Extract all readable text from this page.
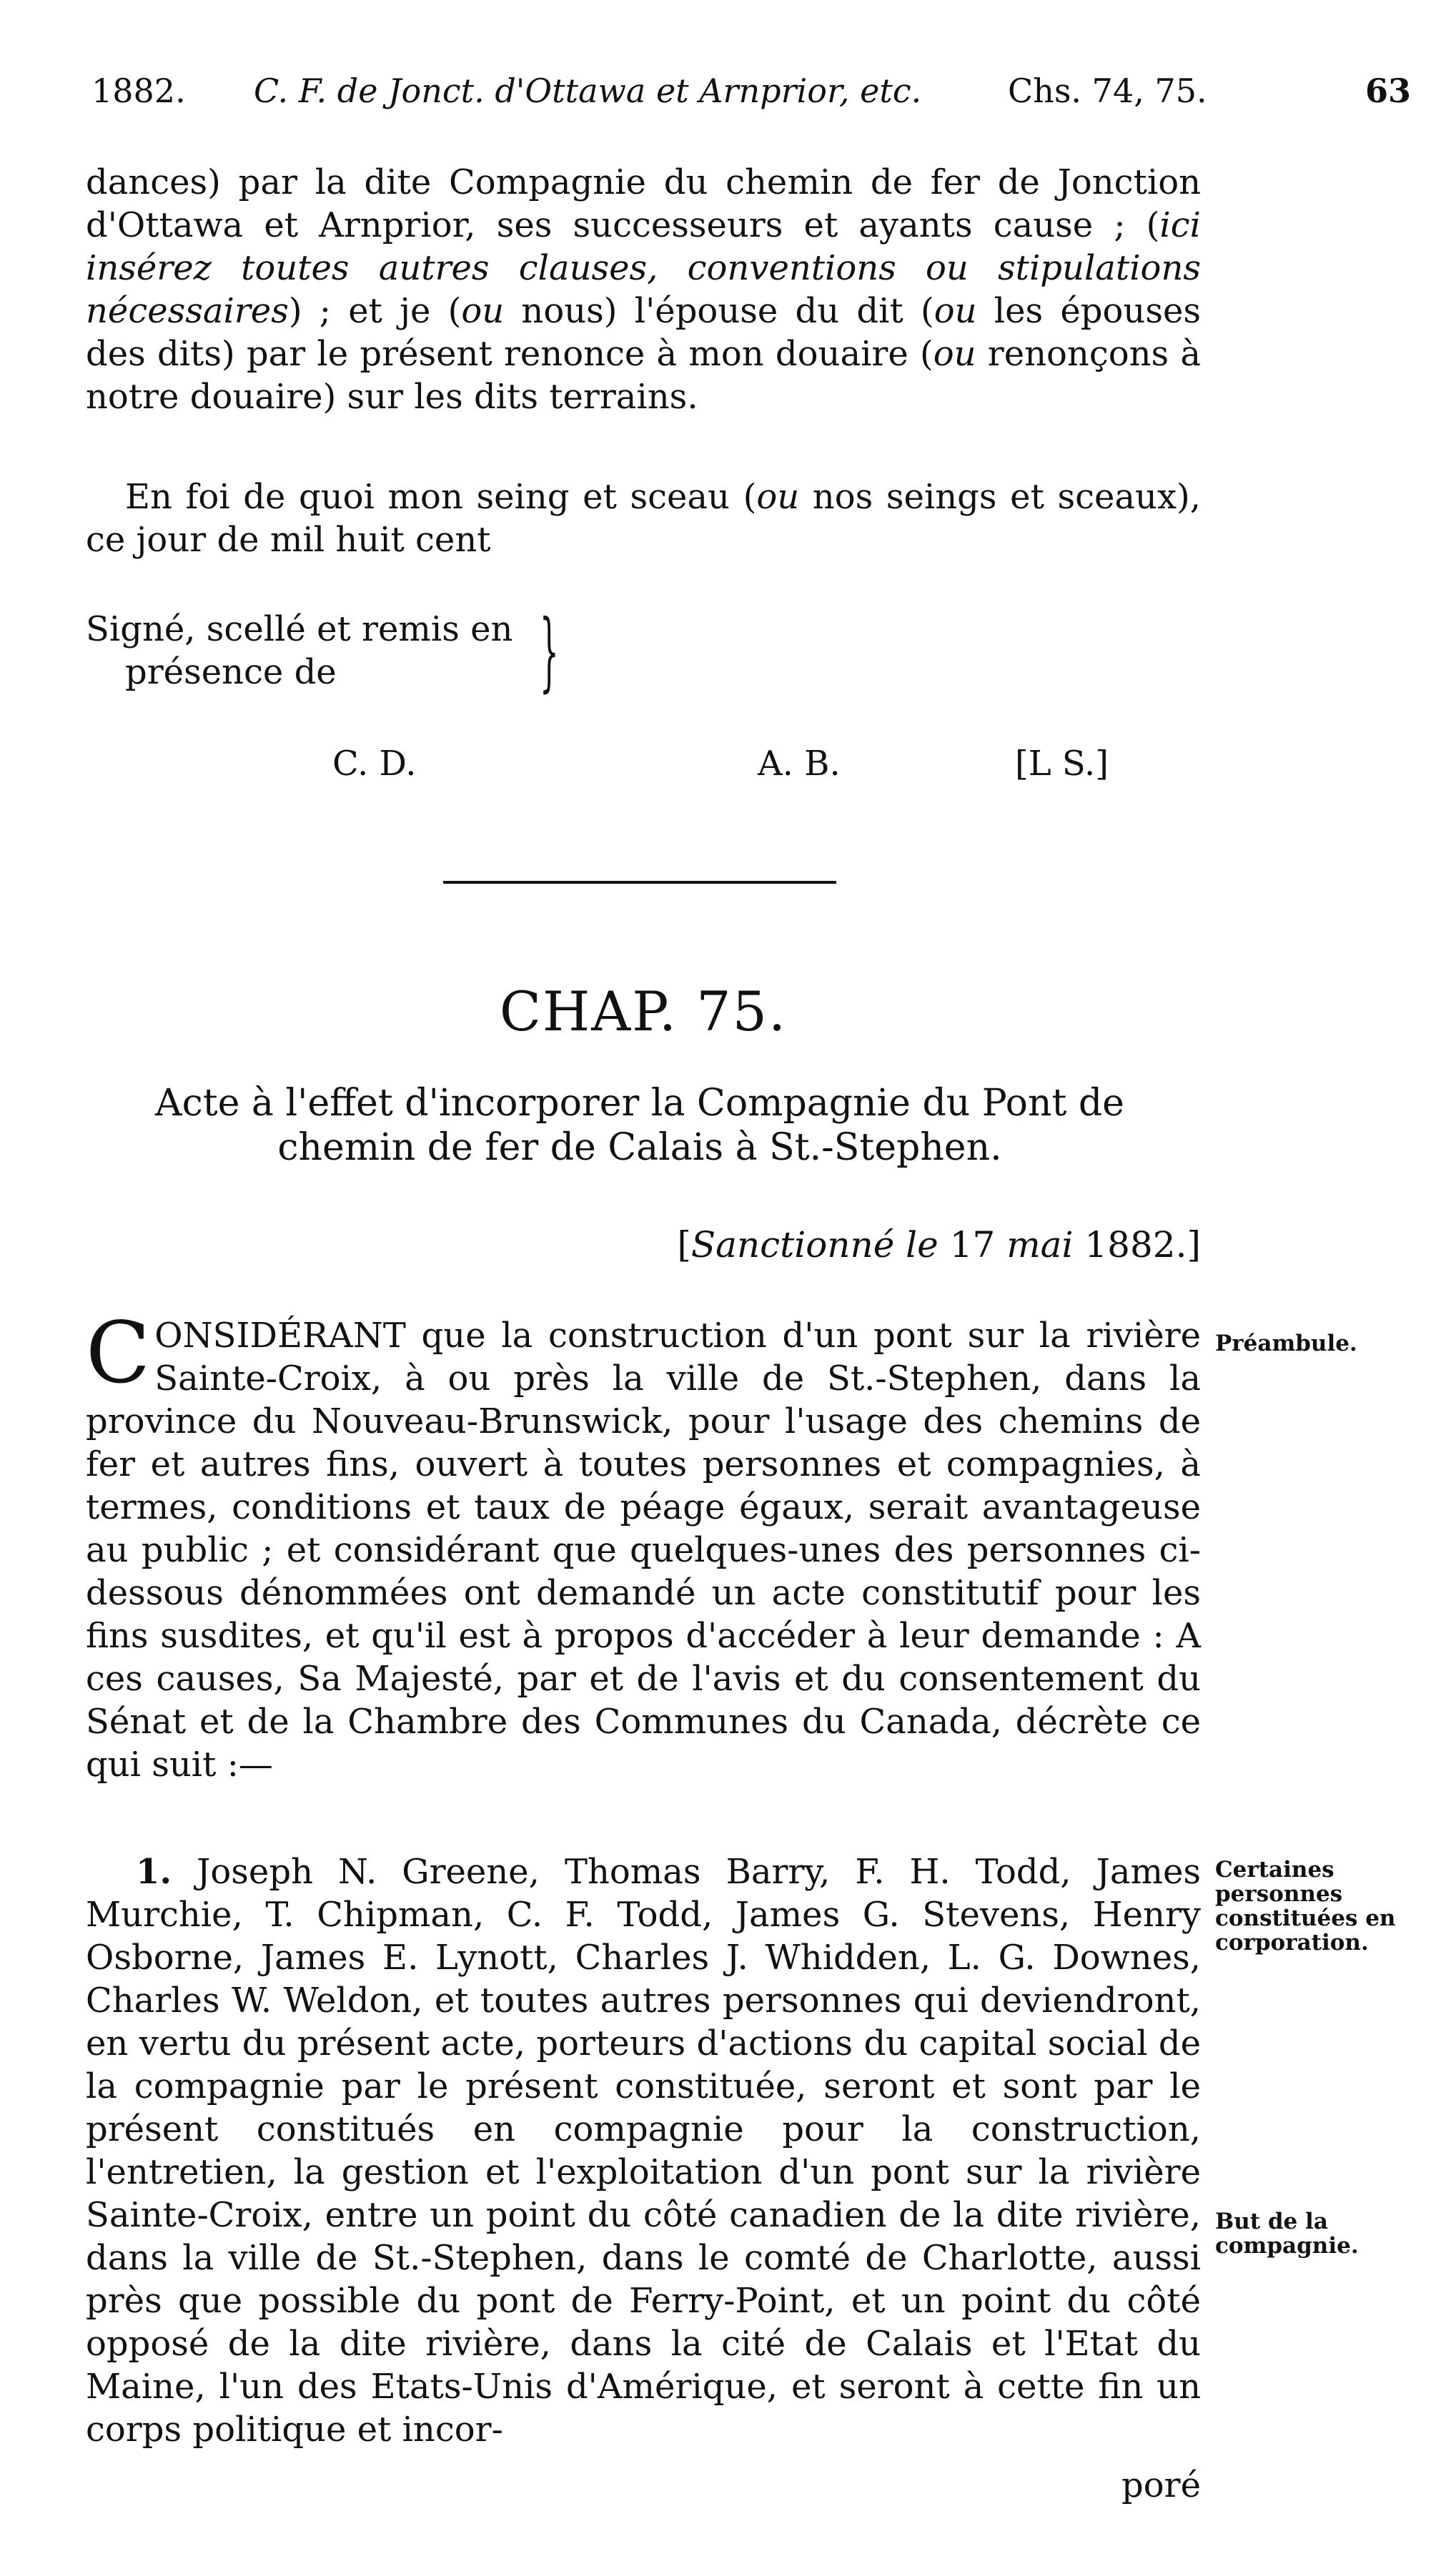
1882. C. F. de Jonct. d'Ottawa et Arnprior, etc.	Chs. 74, 75.	63
dances) par la dite Compagnie du chemin de fer de Jonction d'Ottawa et Arnprior, ses successeurs et ayants cause ; (ici insérez toutes autres clauses, conventions ou stipulations nécessaires) ; et je (ou nous) l'épouse du dit (ou les épouses des dits) par le présent renonce à mon douaire (ou renonçons à notre douaire) sur les dits terrains.
En foi de quoi mon seing et sceau (ou nos seings et sceaux), ce jour de mil huit cent
Signé, scellé et remis en
présence de	}
C. D.	A. B.	[L S.]
CHAP. 75.
Acte à l'effet d'incorporer la Compagnie du Pont de chemin de fer de Calais à St.-Stephen.
[Sanctionné le 17 mai 1882.]
CONSIDÉRANT que la construction d'un pont sur la rivière Sainte-Croix, à ou près la ville de St.-Stephen, dans la province du Nouveau-Brunswick, pour l'usage des chemins de fer et autres fins, ouvert à toutes personnes et compagnies, à termes, conditions et taux de péage égaux, serait avantageuse au public ; et considérant que quelques-unes des personnes ci-dessous dénommées ont demandé un acte constitutif pour les fins susdites, et qu'il est à propos d'accéder à leur demande : A ces causes, Sa Majesté, par et de l'avis et du consentement du Sénat et de la Chambre des Communes du Canada, décrète ce qui suit :—
1. Joseph N. Greene, Thomas Barry, F. H. Todd, James Murchie, T. Chipman, C. F. Todd, James G. Stevens, Henry Osborne, James E. Lynott, Charles J. Whidden, L. G. Downes, Charles W. Weldon, et toutes autres personnes qui deviendront, en vertu du présent acte, porteurs d'actions du capital social de la compagnie par le présent constituée, seront et sont par le présent constitués en compagnie pour la construction, l'entretien, la gestion et l'exploitation d'un pont sur la rivière Sainte-Croix, entre un point du côté canadien de la dite rivière, dans la ville de St.-Stephen, dans le comté de Charlotte, aussi près que possible du pont de Ferry-Point, et un point du côté opposé de la dite rivière, dans la cité de Calais et l'Etat du Maine, l'un des Etats-Unis d'Amérique, et seront à cette fin un corps politique et incor-
poré
Préambule.
Certaines personnes constituées en corporation.
But de la compagnie.
